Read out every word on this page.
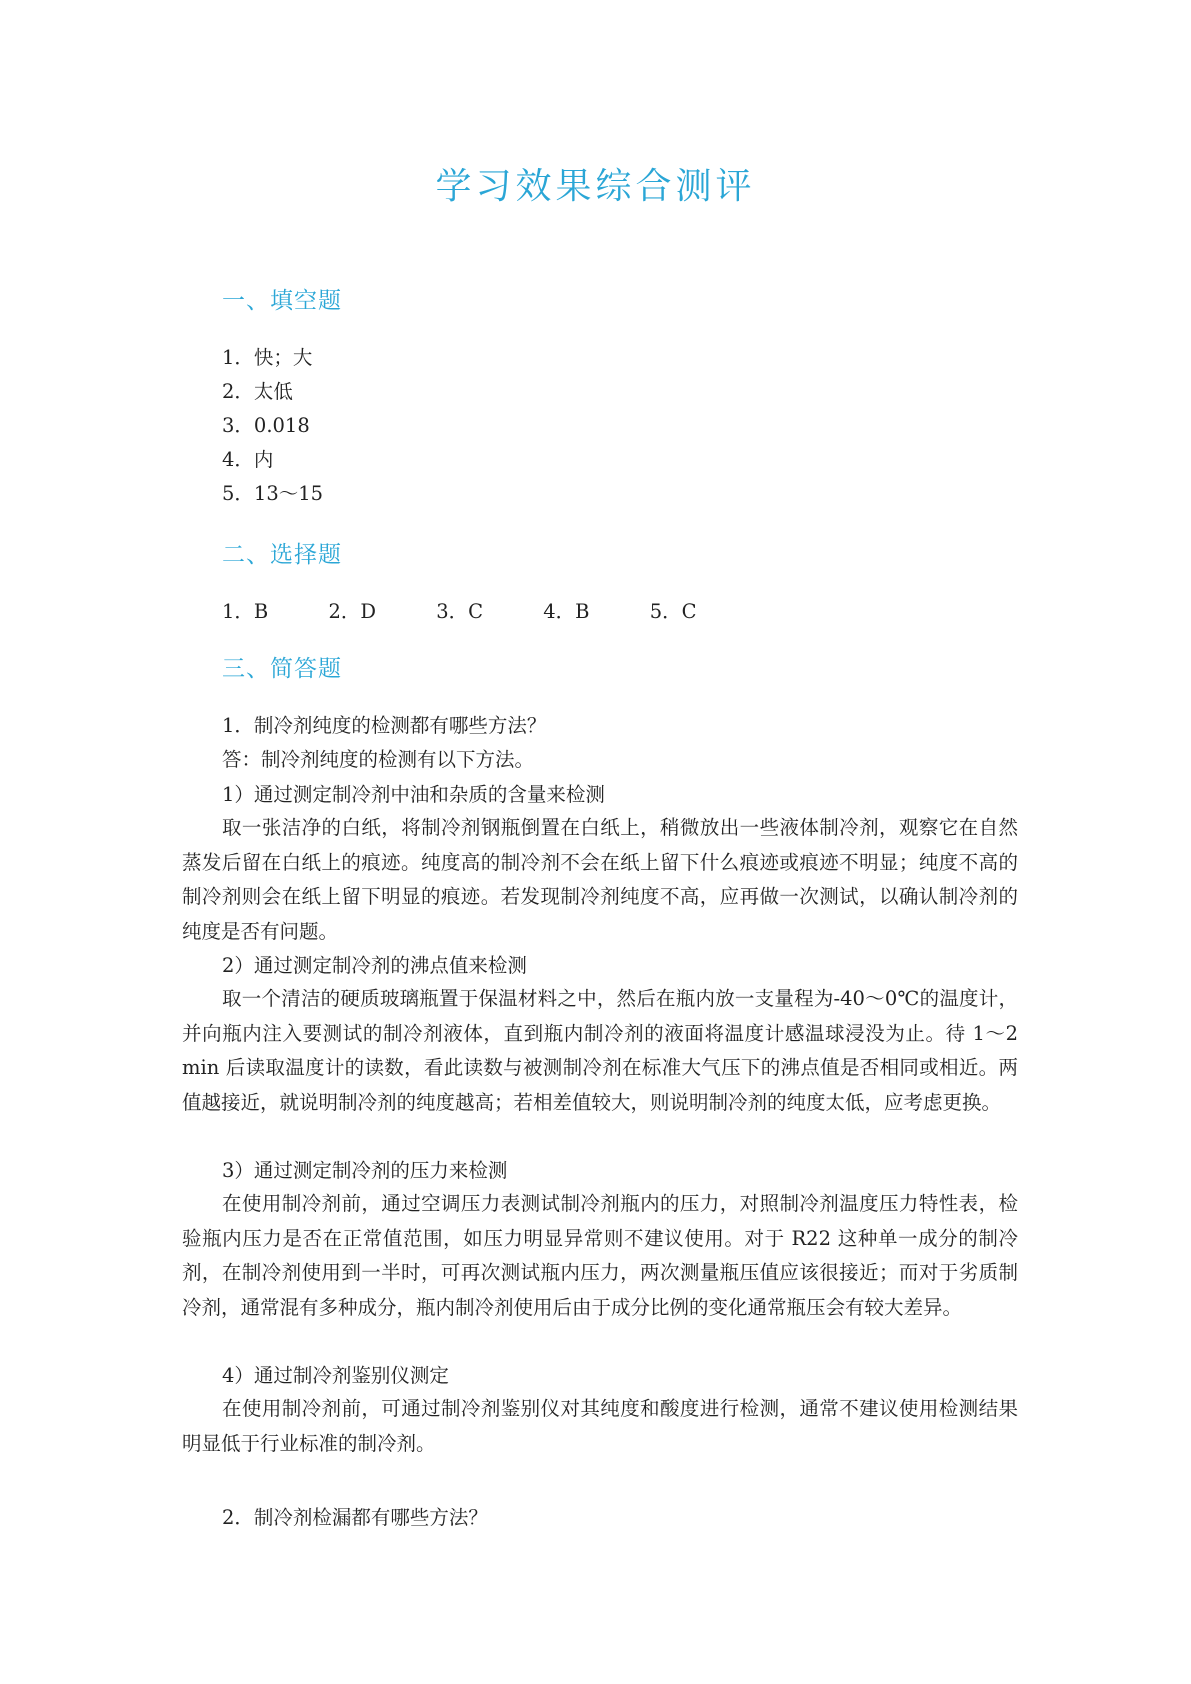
学习效果综合测评
一、填空题
1．快；大
2．太低
3．0.018
4．内
5．13～15
二、选择题
1．B	2．D	3．C	4．B	5．C
三、简答题
1．制冷剂纯度的检测都有哪些方法？
答：制冷剂纯度的检测有以下方法。
1）通过测定制冷剂中油和杂质的含量来检测
取一张洁净的白纸，将制冷剂钢瓶倒置在白纸上，稍微放出一些液体制冷剂，观察它在自然蒸发后留在白纸上的痕迹。纯度高的制冷剂不会在纸上留下什么痕迹或痕迹不明显；纯度不高的制冷剂则会在纸上留下明显的痕迹。若发现制冷剂纯度不高，应再做一次测试，以确认制冷剂的纯度是否有问题。
2）通过测定制冷剂的沸点值来检测
取一个清洁的硬质玻璃瓶置于保温材料之中，然后在瓶内放一支量程为-40～0℃的温度计，并向瓶内注入要测试的制冷剂液体，直到瓶内制冷剂的液面将温度计感温球浸没为止。待 1～2 min 后读取温度计的读数，看此读数与被测制冷剂在标准大气压下的沸点值是否相同或相近。两值越接近，就说明制冷剂的纯度越高；若相差值较大，则说明制冷剂的纯度太低，应考虑更换。
3）通过测定制冷剂的压力来检测
在使用制冷剂前，通过空调压力表测试制冷剂瓶内的压力，对照制冷剂温度压力特性表，检验瓶内压力是否在正常值范围，如压力明显异常则不建议使用。对于 R22 这种单一成分的制冷剂，在制冷剂使用到一半时，可再次测试瓶内压力，两次测量瓶压值应该很接近；而对于劣质制冷剂，通常混有多种成分，瓶内制冷剂使用后由于成分比例的变化通常瓶压会有较大差异。
4）通过制冷剂鉴别仪测定
在使用制冷剂前，可通过制冷剂鉴别仪对其纯度和酸度进行检测，通常不建议使用检测结果明显低于行业标准的制冷剂。
2．制冷剂检漏都有哪些方法？
